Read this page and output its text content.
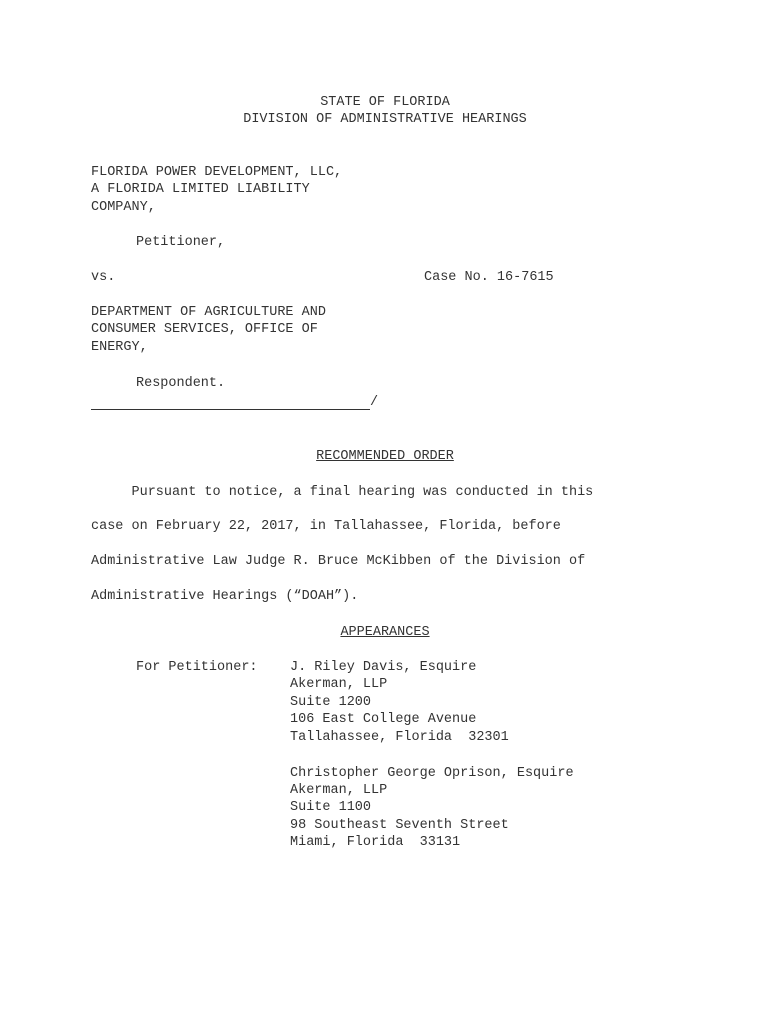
STATE OF FLORIDA
DIVISION OF ADMINISTRATIVE HEARINGS
FLORIDA POWER DEVELOPMENT, LLC,
A FLORIDA LIMITED LIABILITY
COMPANY,
Petitioner,
vs.	Case No. 16-7615
DEPARTMENT OF AGRICULTURE AND
CONSUMER SERVICES, OFFICE OF
ENERGY,
Respondent.
/
RECOMMENDED ORDER
Pursuant to notice, a final hearing was conducted in this
case on February 22, 2017, in Tallahassee, Florida, before
Administrative Law Judge R. Bruce McKibben of the Division of
Administrative Hearings (“DOAH”).
APPEARANCES
For Petitioner: J. Riley Davis, Esquire
Akerman, LLP
Suite 1200
106 East College Avenue
Tallahassee, Florida  32301
Christopher George Oprison, Esquire
Akerman, LLP
Suite 1100
98 Southeast Seventh Street
Miami, Florida  33131
